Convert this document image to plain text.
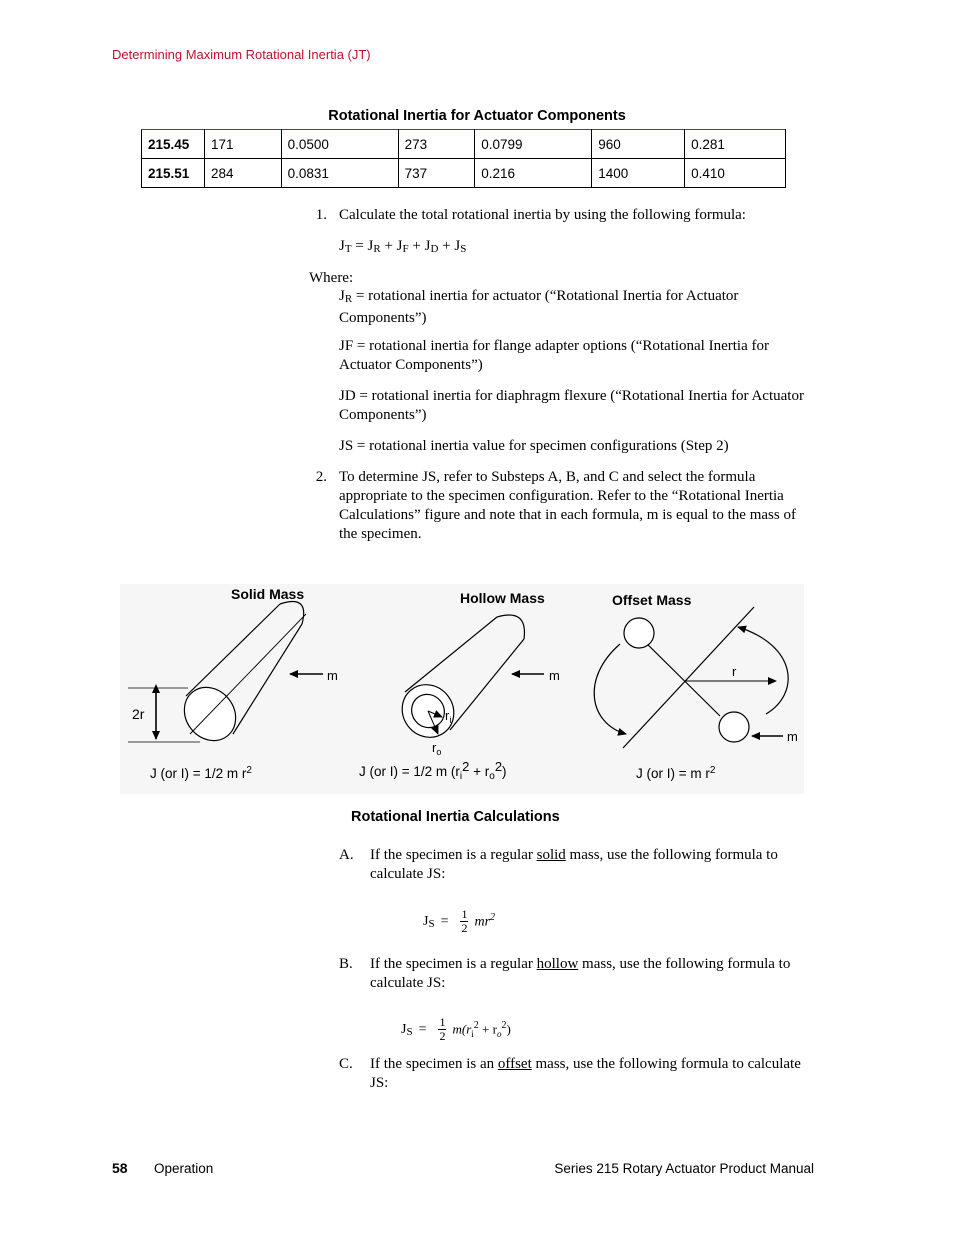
Determining Maximum Rotational Inertia (JT)
Rotational Inertia for Actuator Components
215.45	171	0.0500	273	0.0799	960	0.281
215.51	284	0.0831	737	0.216	1400	0.410
1. Calculate the total rotational inertia by using the following formula:
$J_T = J_R + J_F + J_D + J_S$
Where:
$J_R$ = rotational inertia for actuator (“Rotational Inertia for Actuator Components”)
JF = rotational inertia for flange adapter options (“Rotational Inertia for Actuator Components”)
JD = rotational inertia for diaphragm flexure (“Rotational Inertia for Actuator Components”)
JS = rotational inertia value for specimen configurations (Step 2)
2. To determine JS, refer to Substeps A, B, and C and select the formula appropriate to the specimen configuration. Refer to the “Rotational Inertia Calculations” figure and note that in each formula, m is equal to the mass of the specimen.
Solid Mass	Hollow Mass	Offset Mass
m
2r
m
$r_i$
$r_o$
r
m
J (or I) = 1/2 m $r^2$	J (or I) = 1/2 m $(r_i2 + r_o2)$	J (or I) = m $r^2$
Rotational Inertia Calculations
A. If the specimen is a regular solid mass, use the following formula to calculate JS:
$J_S = \frac{1}{2} mr^2$
B. If the specimen is a regular hollow mass, use the following formula to calculate JS:
$J_S = \frac{1}{2} m(r_i^2 + r_o^2)$
C. If the specimen is an offset mass, use the following formula to calculate JS:
58 Operation	Series 215 Rotary Actuator Product Manual
